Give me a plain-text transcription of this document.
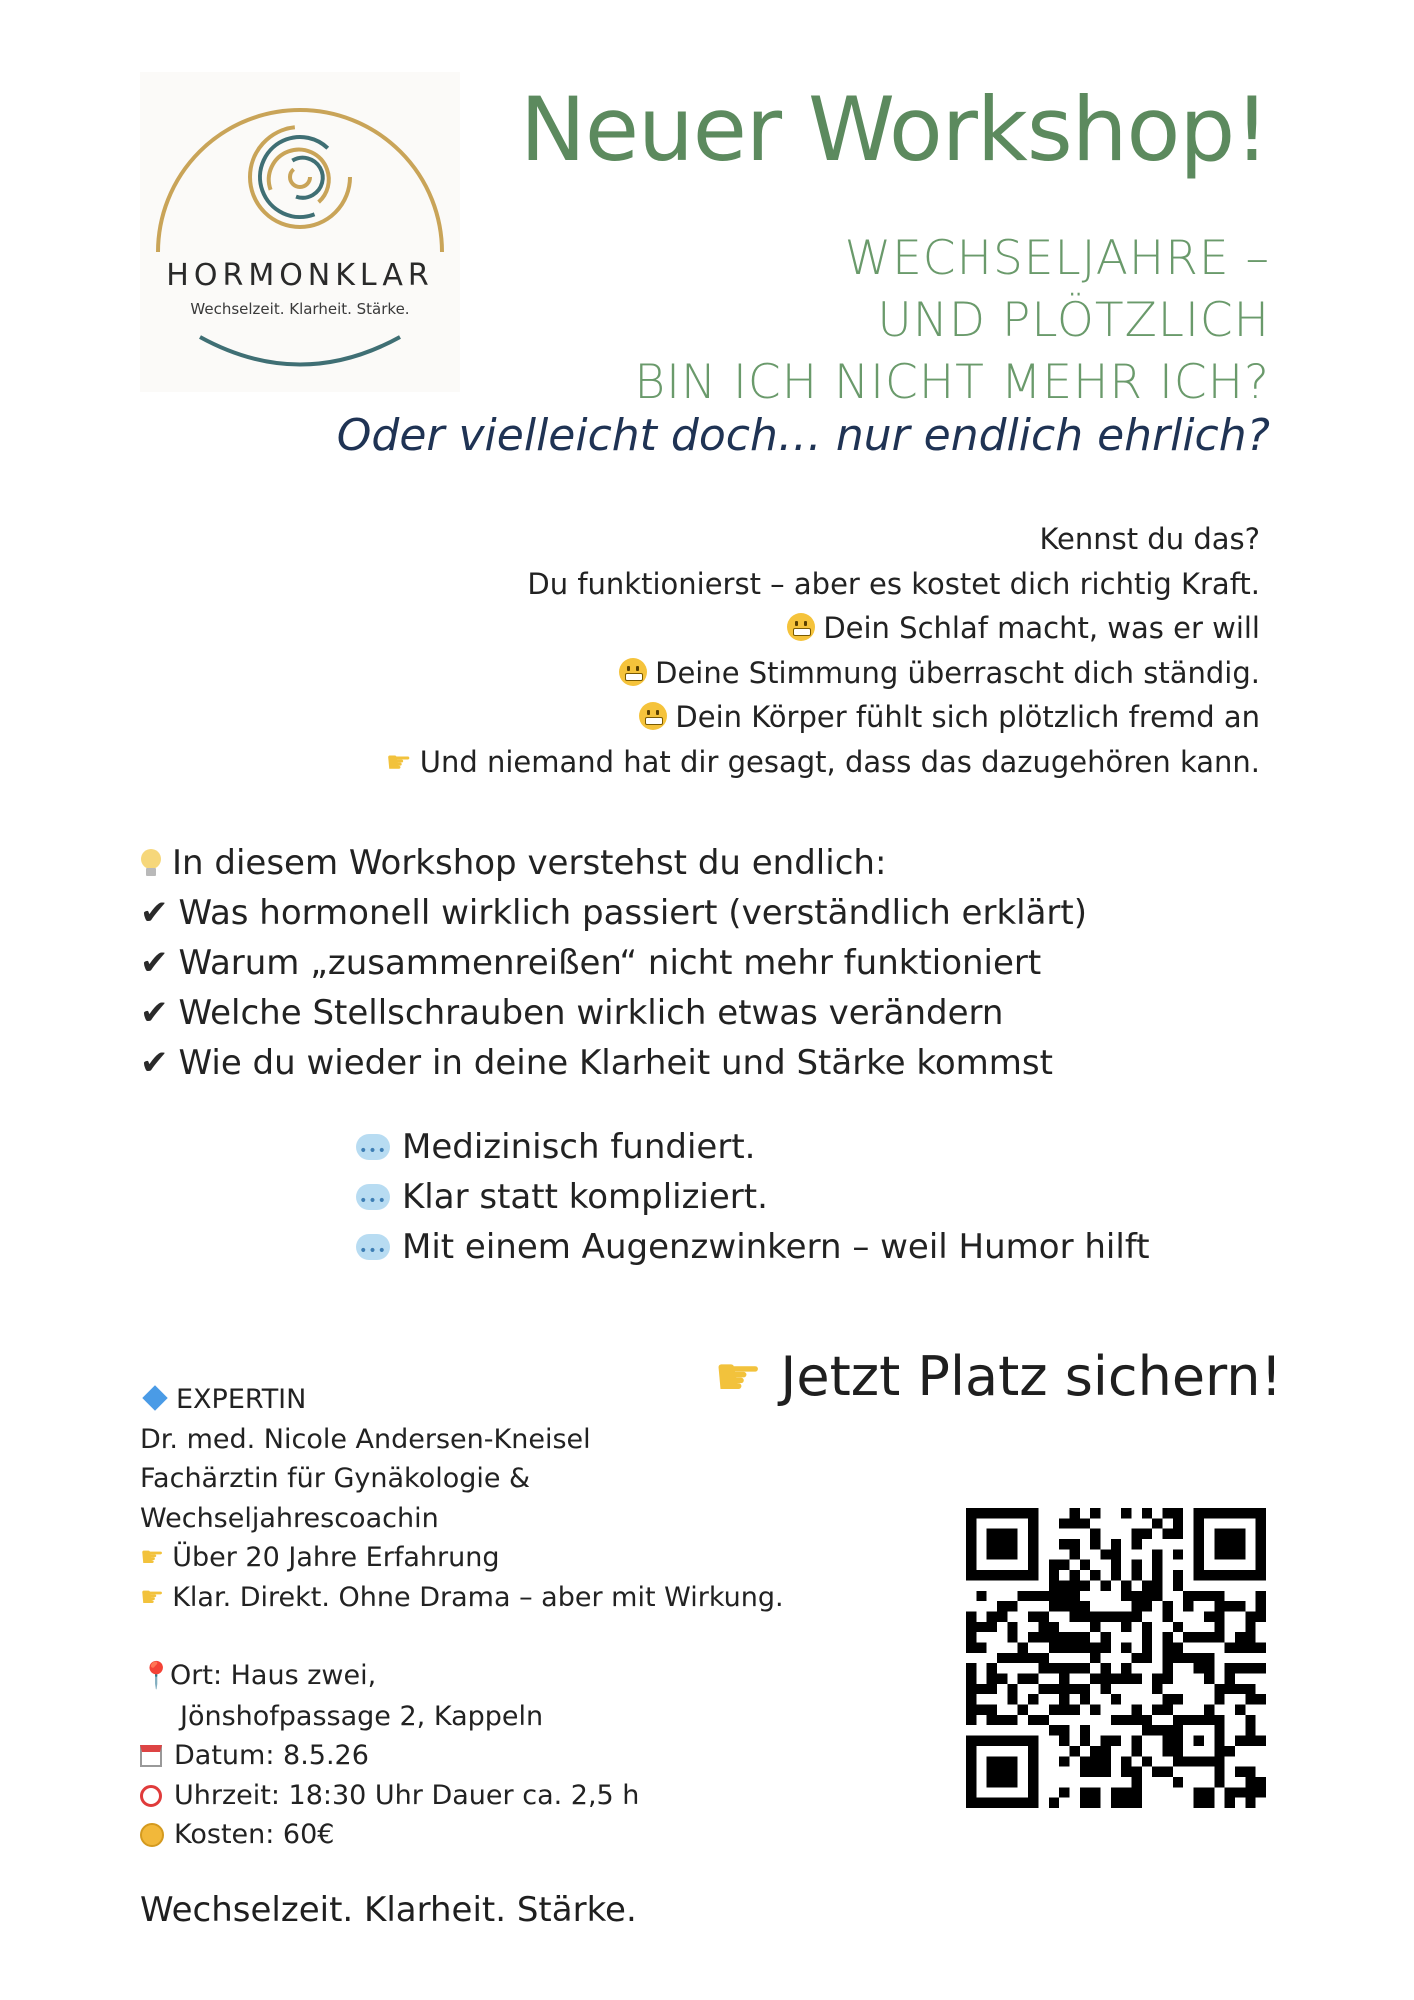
HORMONKLAR
Wechselzeit. Klarheit. Stärke.
Neuer Workshop!
WECHSELJAHRE –
UND PLÖTZLICH
BIN ICH NICHT MEHR ICH?
Oder vielleicht doch… nur endlich ehrlich?
Kennst du das?
Du funktionierst – aber es kostet dich richtig Kraft.
Dein Schlaf macht, was er will
Deine Stimmung überrascht dich ständig.
Dein Körper fühlt sich plötzlich fremd an
☛ Und niemand hat dir gesagt, dass das dazugehören kann.
In diesem Workshop verstehst du endlich:
✔ Was hormonell wirklich passiert (verständlich erklärt)
✔ Warum „zusammenreißen“ nicht mehr funktioniert
✔ Welche Stellschrauben wirklich etwas verändern
✔ Wie du wieder in deine Klarheit und Stärke kommst
•••Medizinisch fundiert.
•••Klar statt kompliziert.
•••Mit einem Augenzwinkern – weil Humor hilft
☛ Jetzt Platz sichern!
EXPERTIN
Dr. med. Nicole Andersen-Kneisel
Fachärztin für Gynäkologie &
Wechseljahrescoachin
☛ Über 20 Jahre Erfahrung
☛ Klar. Direkt. Ohne Drama – aber mit Wirkung.
📍Ort: Haus zwei,
Jönshofpassage 2, Kappeln
Datum: 8.5.26
Uhrzeit: 18:30 Uhr Dauer ca. 2,5 h
Kosten: 60€
Wechselzeit. Klarheit. Stärke.
